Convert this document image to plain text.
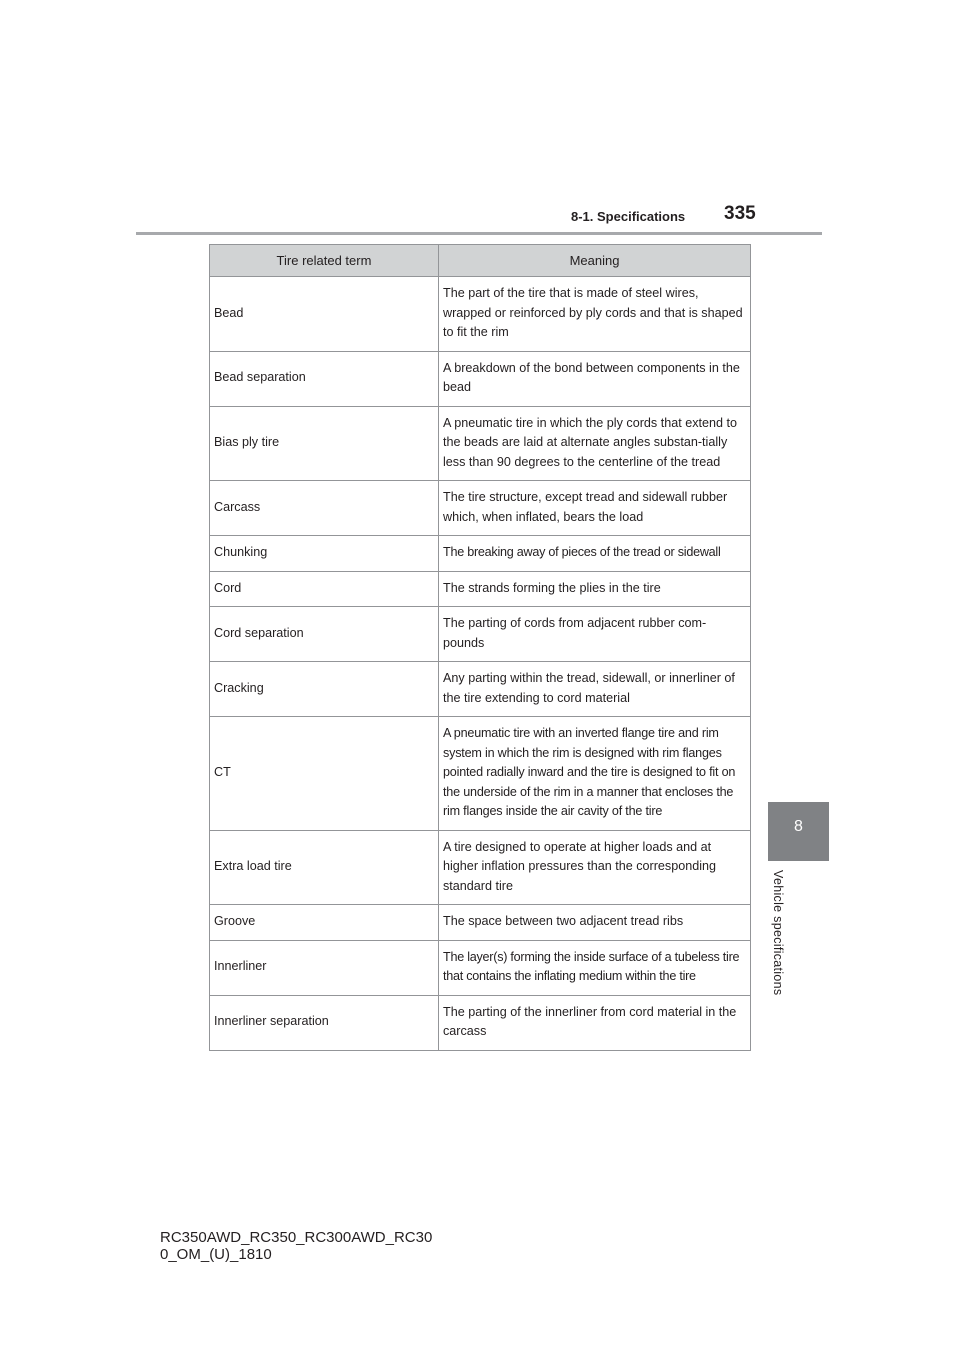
8-1. Specifications 335
8
Vehicle specifications
Tire related term	Meaning
Bead	The part of the tire that is made of steel wires, wrapped or reinforced by ply cords and that is shaped to fit the rim
Bead separation	A breakdown of the bond between components in the bead
Bias ply tire	A pneumatic tire in which the ply cords that extend to the beads are laid at alternate angles substan-tially less than 90 degrees to the centerline of the tread
Carcass	The tire structure, except tread and sidewall rubber which, when inflated, bears the load
Chunking	The breaking away of pieces of the tread or sidewall
Cord	The strands forming the plies in the tire
Cord separation	The parting of cords from adjacent rubber com-pounds
Cracking	Any parting within the tread, sidewall, or innerliner of the tire extending to cord material
CT	A pneumatic tire with an inverted flange tire and rim system in which the rim is designed with rim flanges pointed radially inward and the tire is designed to fit on the underside of the rim in a manner that encloses the rim flanges inside the air cavity of the tire
Extra load tire	A tire designed to operate at higher loads and at higher inflation pressures than the corresponding standard tire
Groove	The space between two adjacent tread ribs
Innerliner	The layer(s) forming the inside surface of a tubeless tire that contains the inflating medium within the tire
Innerliner separation	The parting of the innerliner from cord material in the carcass
RC350AWD_RC350_RC300AWD_RC30
0_OM_(U)_1810
